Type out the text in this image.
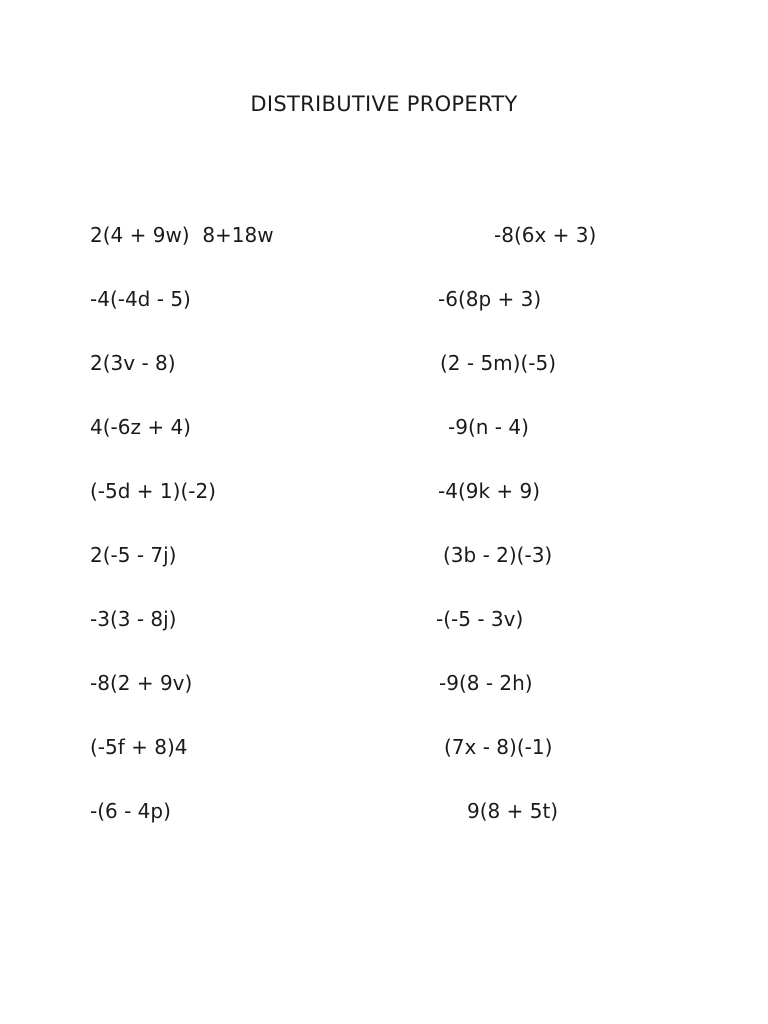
DISTRIBUTIVE PROPERTY
2(4 + 9w)  8+18w
-4(-4d - 5)
2(3v - 8)
4(-6z + 4)
(-5d + 1)(-2)
2(-5 - 7j)
-3(3 - 8j)
-8(2 + 9v)
(-5f + 8)4
-(6 - 4p)
-8(6x + 3)
-6(8p + 3)
(2 - 5m)(-5)
-9(n - 4)
-4(9k + 9)
(3b - 2)(-3)
-(-5 - 3v)
-9(8 - 2h)
(7x - 8)(-1)
9(8 + 5t)
